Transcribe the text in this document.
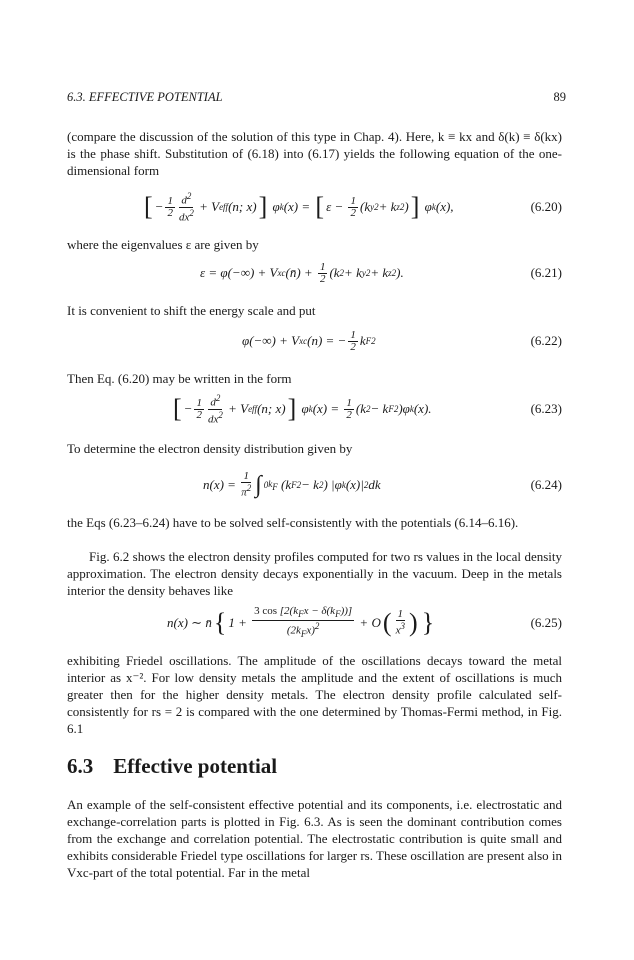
6.3. EFFECTIVE POTENTIAL	89

(compare the discussion of the solution of this type in Chap. 4). Here, k ≡ kx and δ(k) ≡ δ(kx) is the phase shift. Substitution of (6.18) into (6.17) yields the following equation of the one-dimensional form

[ − $\frac{1}{2} \frac{d^2}{dx^2} + V$ eff (n; x) ] φ k (x) = [ $\varepsilon - \frac{1}{2} (k$ y 2 + k z 2 ) ] φ k (x),	(6.20)

where the eigenvalues ε are given by

ε = φ(−∞) + V xc (n̄) + $\frac{1}{2} (k$ 2 + k y 2 + k z 2 ).	(6.21)

It is convenient to shift the energy scale and put

φ(−∞) + V xc (n) = − $\frac{1}{2}$ k F 2	(6.22)

Then Eq. (6.20) may be written in the form

[ − $\frac{1}{2} \frac{d^2}{dx^2} + V$ eff (n; x) ] φ k $(x) = \frac{1}{2} (k$ 2 − k F 2 )φ k (x).	(6.23)

To determine the electron density distribution given by

$n(x) = \frac{1}{\pi^2}$ ∫ 0 $k_F$ (k F 2 − k 2 ) |φ k (x)| 2 dk	(6.24)

the Eqs (6.23–6.24) have to be solved self-consistently with the potentials (6.14–6.16).

Fig. 6.2 shows the electron density profiles computed for two rs values in the local density approximation. The electron density decays exponentially in the vacuum. Deep in the metals interior the density behaves like

n(x) ∼ n̄ { $1 + \frac{3 \cos [2(k_Fx - \delta(k_F))]}{(2k_Fx)^2} + O$ ( $\frac{1}{x^3}$ ) }	(6.25)

exhibiting Friedel oscillations. The amplitude of the oscillations decays toward the metal interior as x⁻². For low density metals the amplitude and the extent of oscillations is much greater then for the higher density metals. The electron density profile calculated self-consistently for rs = 2 is compared with the one determined by Thomas-Fermi method, in Fig. 6.1

6.3 Effective potential

An example of the self-consistent effective potential and its components, i.e. electrostatic and exchange-correlation parts is plotted in Fig. 6.3. As is seen the dominant contribution comes from the exchange and correlation potential. The electrostatic contribution is quite small and exhibits considerable Friedel type oscillations for larger rs. These oscillation are present also in Vxc-part of the total potential. Far in the metal
